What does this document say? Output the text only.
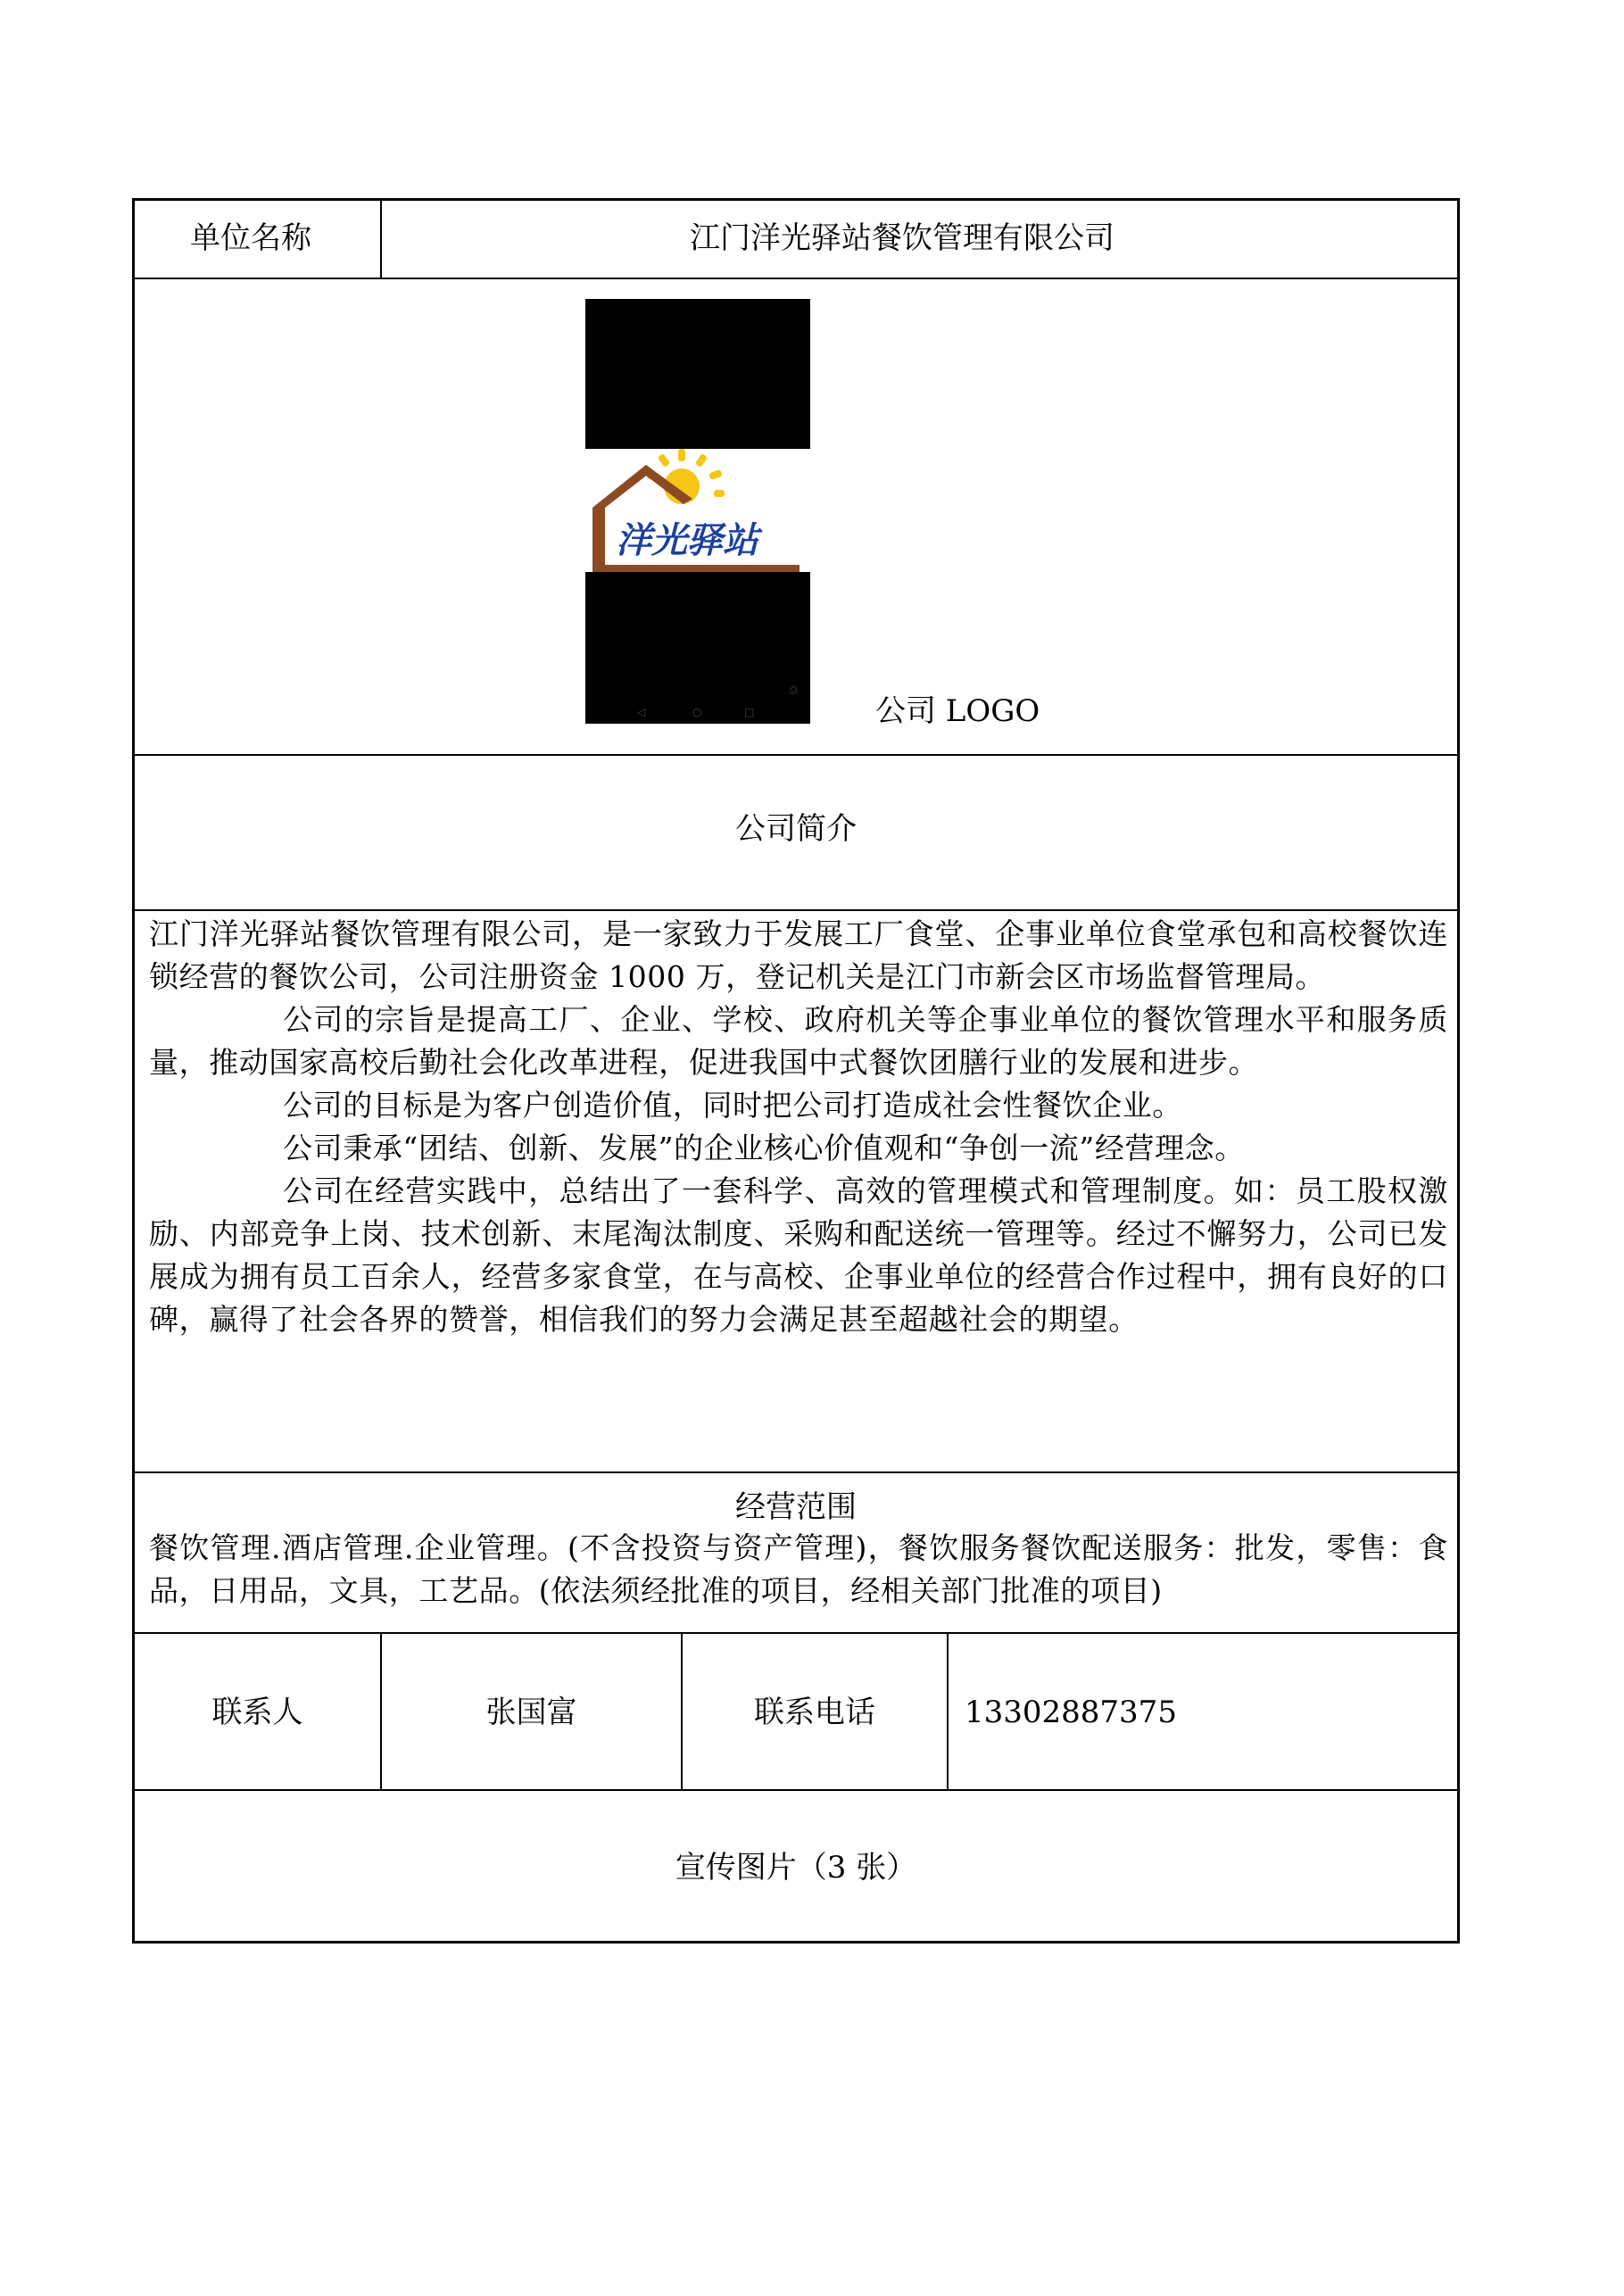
单位名称	江门洋光驿站餐饮管理有限公司
洋光驿站
◁	○	□
⎙
公司 LOGO
公司简介

江门洋光驿站餐饮管理有限公司，是一家致力于发展工厂食堂、企事业单位食堂承包和高校餐饮连锁经营的餐饮公司，公司注册资金 1000 万，登记机关是江门市新会区市场监督管理局。

公司的宗旨是提高工厂、企业、学校、政府机关等企事业单位的餐饮管理水平和服务质量，推动国家高校后勤社会化改革进程，促进我国中式餐饮团膳行业的发展和进步。

公司的目标是为客户创造价值，同时把公司打造成社会性餐饮企业。

公司秉承“团结、创新、发展”的企业核心价值观和“争创一流”经营理念。

公司在经营实践中，总结出了一套科学、高效的管理模式和管理制度。如：员工股权激励、内部竞争上岗、技术创新、末尾淘汰制度、采购和配送统一管理等。经过不懈努力，公司已发展成为拥有员工百余人，经营多家食堂，在与高校、企事业单位的经营合作过程中，拥有良好的口碑，赢得了社会各界的赞誉，相信我们的努力会满足甚至超越社会的期望。

经营范围
餐饮管理.酒店管理.企业管理。(不含投资与资产管理)，餐饮服务餐饮配送服务：批发，零售：食品，日用品，文具，工艺品。(依法须经批准的项目，经相关部门批准的项目)
联系人	张国富	联系电话	13302887375
宣传图片（3 张）
